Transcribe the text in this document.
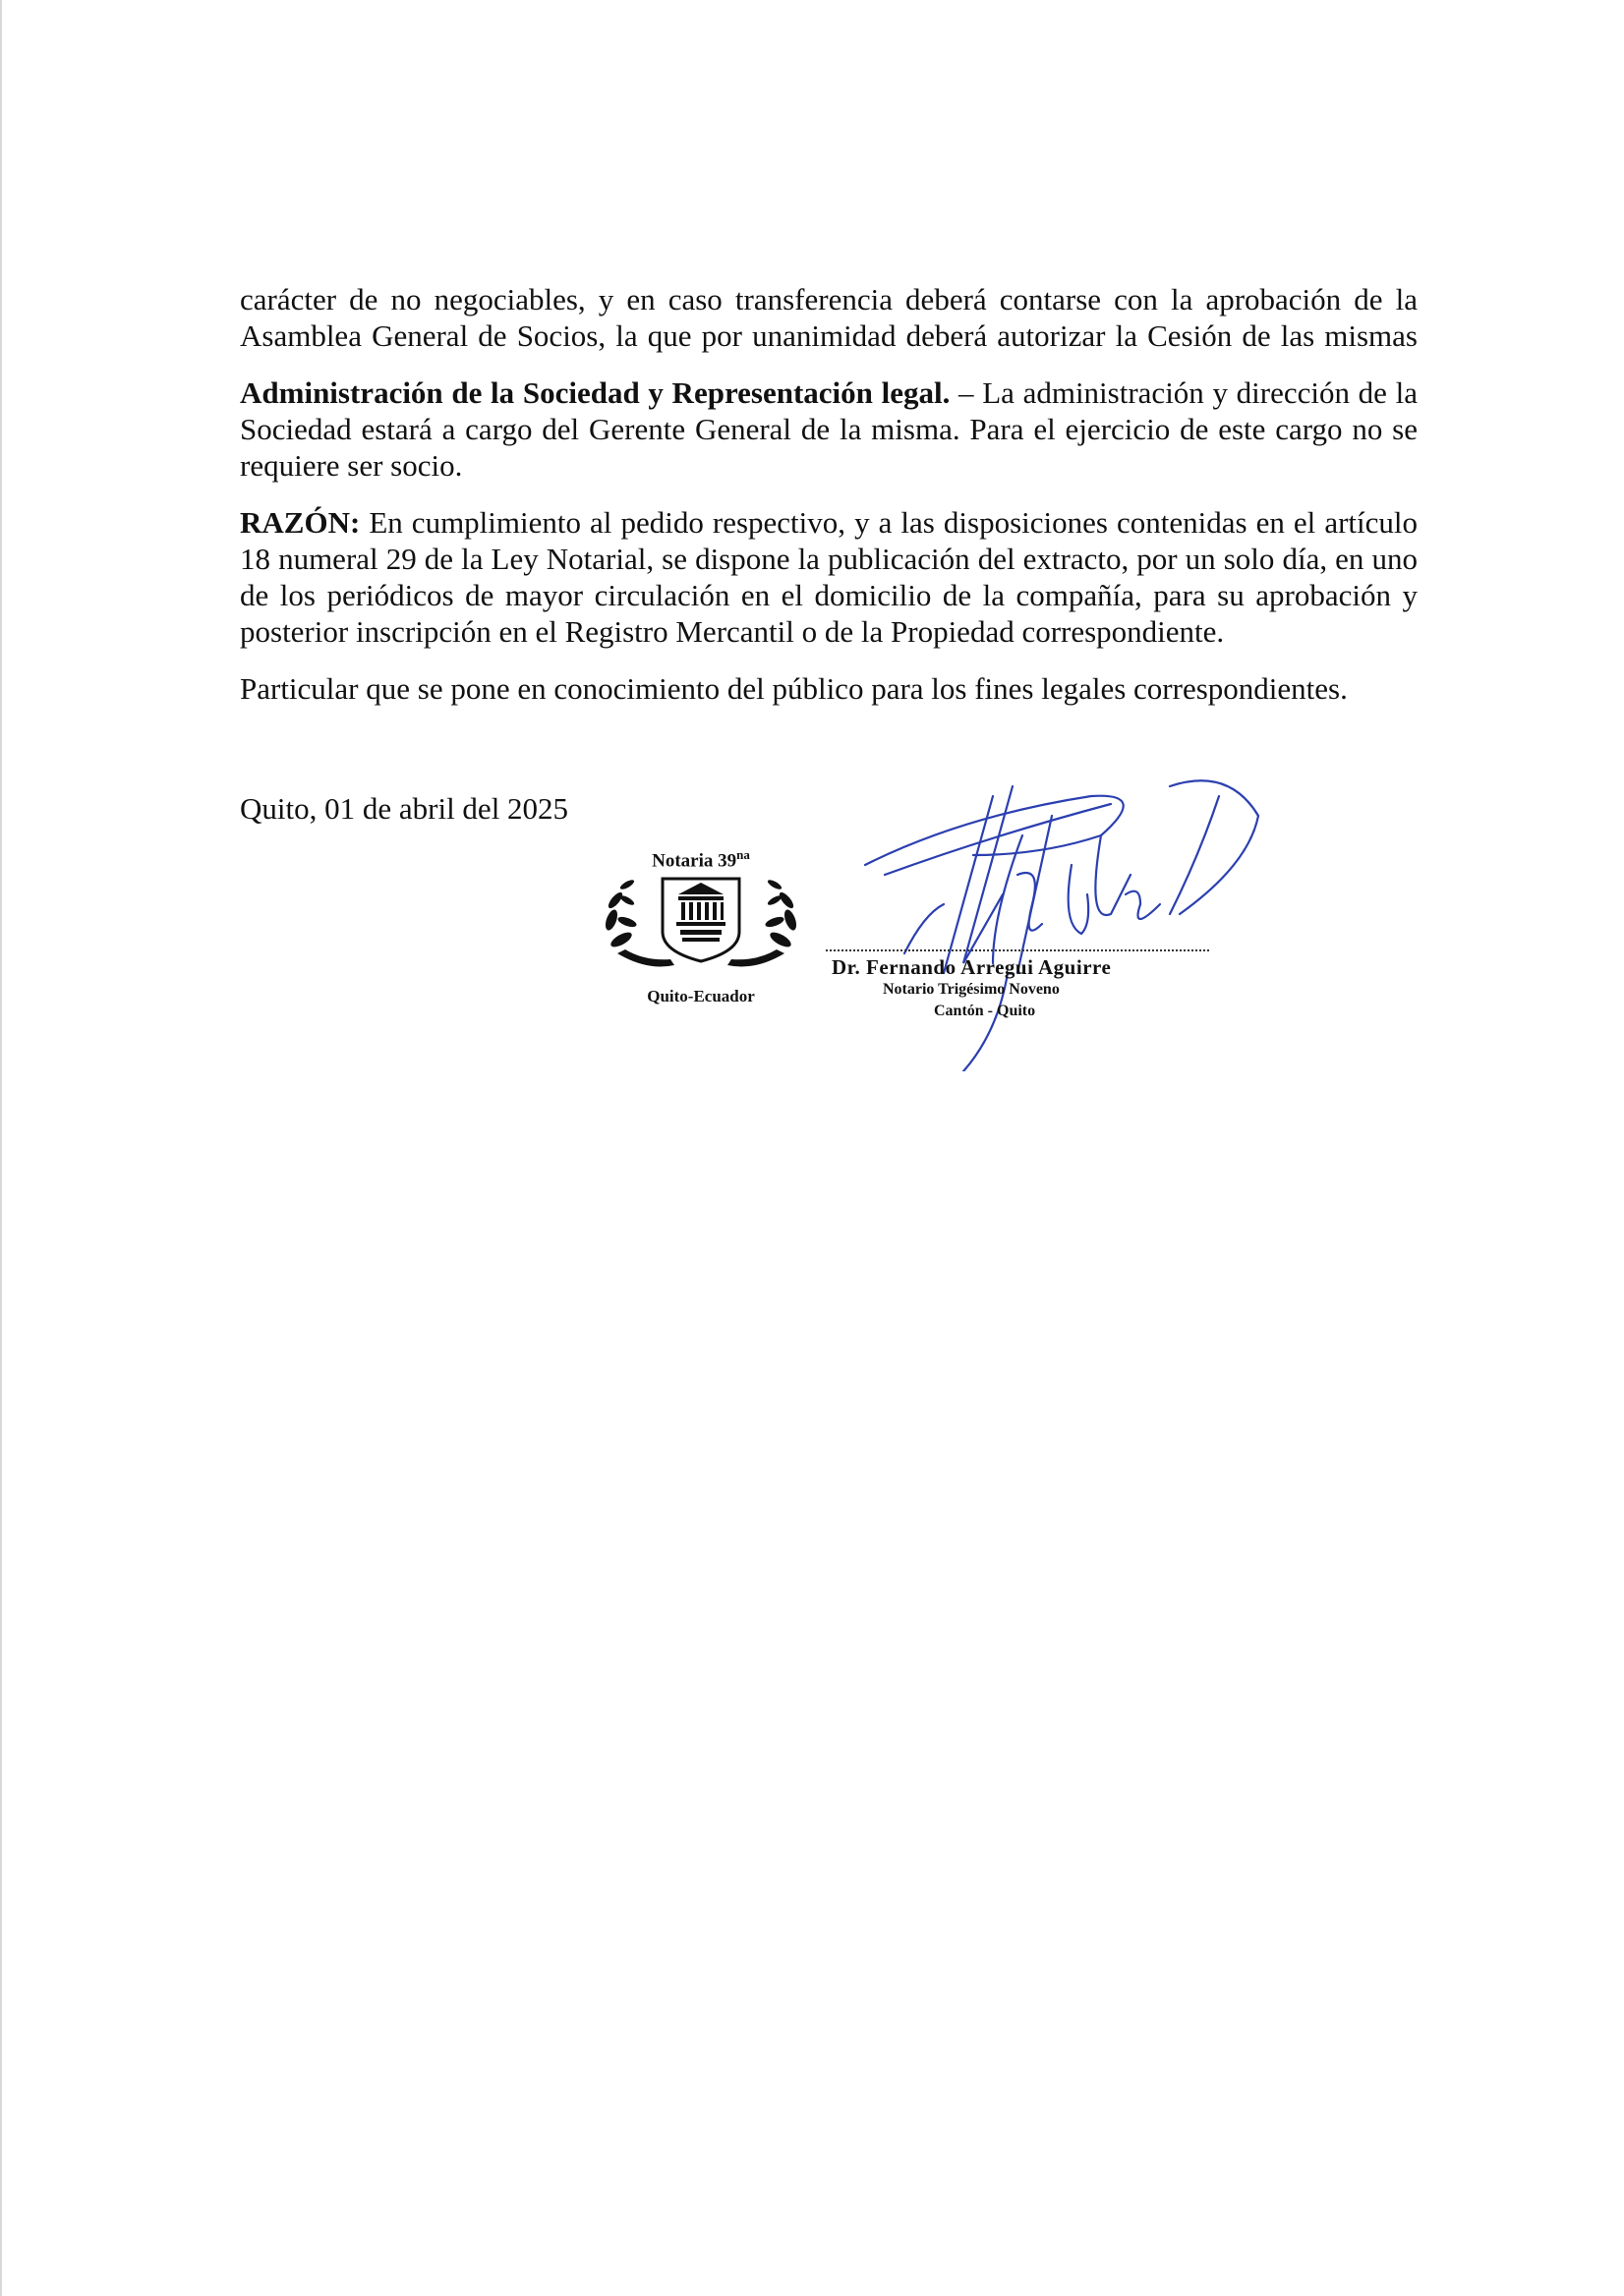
carácter de no negociables, y en caso transferencia deberá contarse con la aprobación de la
Asamblea General de Socios, la que por unanimidad deberá autorizar la Cesión de las mismas

Administración de la Sociedad y Representación legal. – La administración y dirección de la Sociedad estará a cargo del Gerente General de la misma. Para el ejercicio de este cargo no se requiere ser socio.

RAZÓN: En cumplimiento al pedido respectivo, y a las disposiciones contenidas en el artículo 18 numeral 29 de la Ley Notarial, se dispone la publicación del extracto, por un solo día, en uno de los periódicos de mayor circulación en el domicilio de la compañía, para su aprobación y posterior inscripción en el Registro Mercantil o de la Propiedad correspondiente.

Particular que se pone en conocimiento del público para los fines legales correspondientes.

Quito, 01 de abril del 2025
Notaria $39^{na}$
Quito-Ecuador
Dr. Fernando Arregui Aguirre
Notario Trigésimo Noveno
Cantón - Quito
